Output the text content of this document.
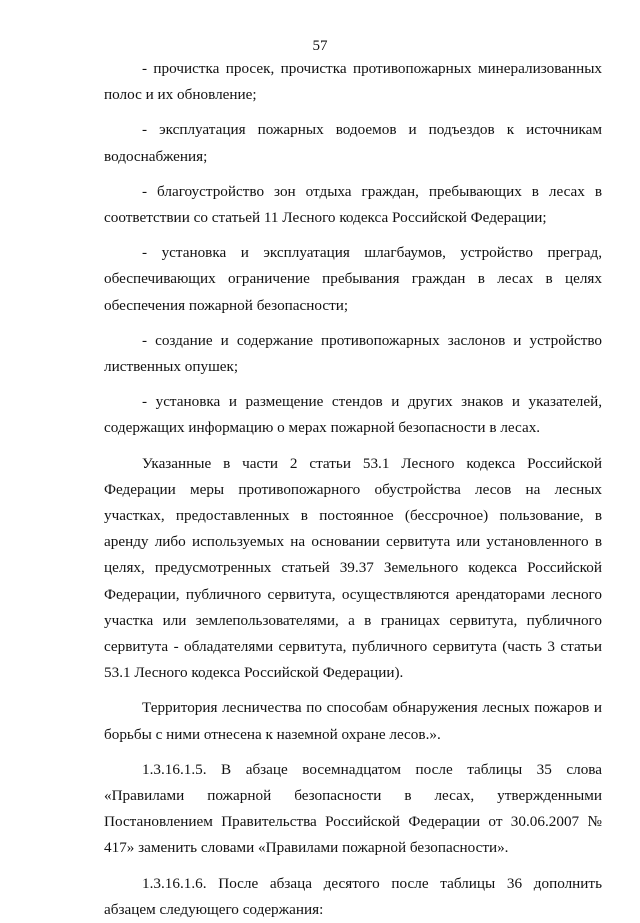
57

- прочистка просек, прочистка противопожарных минерализованных полос и их обновление;

- эксплуатация пожарных водоемов и подъездов к источникам водоснабжения;

- благоустройство зон отдыха граждан, пребывающих в лесах в соответствии со статьей 11 Лесного кодекса Российской Федерации;

- установка и эксплуатация шлагбаумов, устройство преград, обеспечивающих ограничение пребывания граждан в лесах в целях обеспечения пожарной безопасности;

- создание и содержание противопожарных заслонов и устройство лиственных опушек;

- установка и размещение стендов и других знаков и указателей, содержащих информацию о мерах пожарной безопасности в лесах.

Указанные в части 2 статьи 53.1 Лесного кодекса Российской Федерации меры противопожарного обустройства лесов на лесных участках, предоставленных в постоянное (бессрочное) пользование, в аренду либо используемых на основании сервитута или установленного в целях, предусмотренных статьей 39.37 Земельного кодекса Российской Федерации, публичного сервитута, осуществляются арендаторами лесного участка или землепользователями, а в границах сервитута, публичного сервитута - обладателями сервитута, публичного сервитута (часть 3 статьи 53.1 Лесного кодекса Российской Федерации).

Территория лесничества по способам обнаружения лесных пожаров и борьбы с ними отнесена к наземной охране лесов.».

1.3.16.1.5. В абзаце восемнадцатом после таблицы 35 слова «Правилами пожарной безопасности в лесах, утвержденными Постановлением Правительства Российской Федерации от 30.06.2007 № 417» заменить словами «Правилами пожарной безопасности».

1.3.16.1.6. После абзаца десятого после таблицы 36 дополнить абзацем следующего содержания:
